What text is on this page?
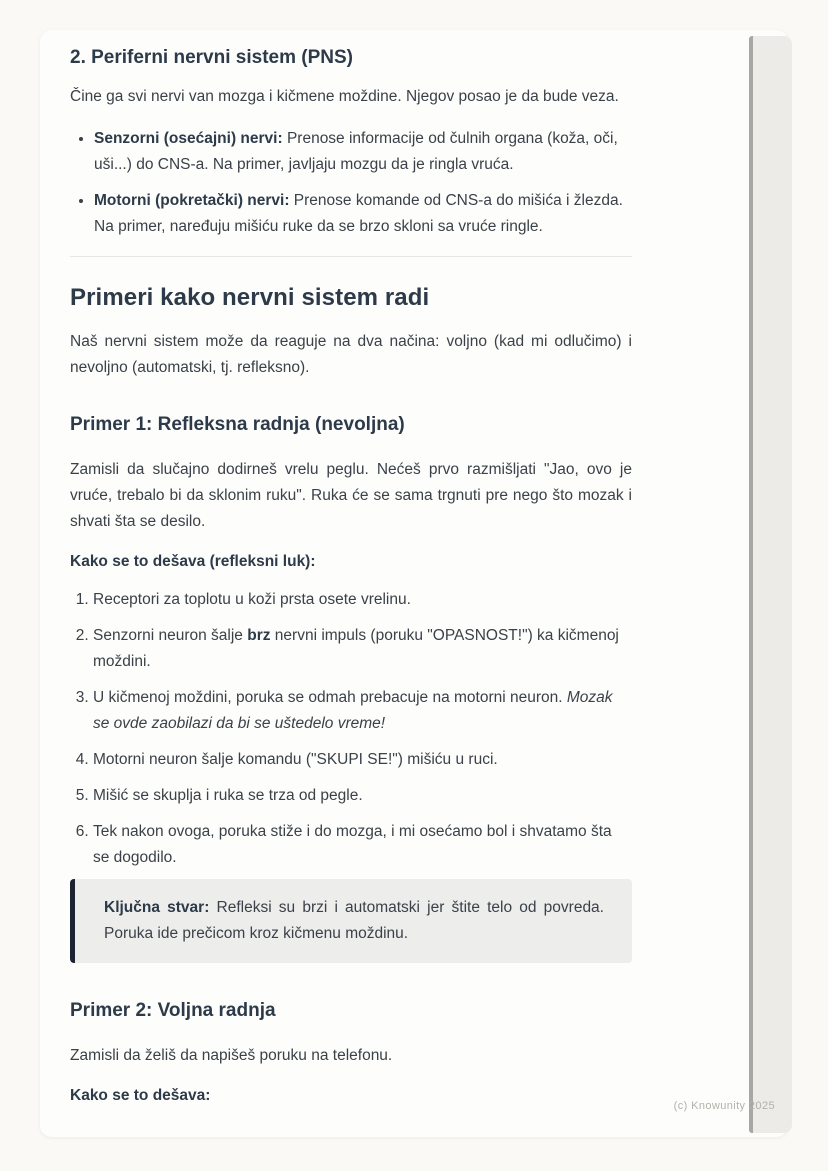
2. Periferni nervni sistem (PNS)

Čine ga svi nervi van mozga i kičmene moždine. Njegov posao je da bude veza.

• Senzorni (osećajni) nervi: Prenose informacije od čulnih organa (koža, oči, uši...) do CNS-a. Na primer, javljaju mozgu da je ringla vruća.
• Motorni (pokretački) nervi: Prenose komande od CNS-a do mišića i žlezda. Na primer, naređuju mišiću ruke da se brzo skloni sa vruće ringle.
Primeri kako nervni sistem radi

Naš nervni sistem može da reaguje na dva načina: voljno (kad mi odlučimo) i nevoljno (automatski, tj. refleksno).

Primer 1: Refleksna radnja (nevoljna)

Zamisli da slučajno dodirneš vrelu peglu. Nećeš prvo razmišljati "Jao, ovo je vruće, trebalo bi da sklonim ruku". Ruka će se sama trgnuti pre nego što mozak i shvati šta se desilo.

Kako se to dešava (refleksni luk):

1. Receptori za toplotu u koži prsta osete vrelinu.
2. Senzorni neuron šalje brz nervni impuls (poruku "OPASNOST!") ka kičmenoj moždini.
3. U kičmenoj moždini, poruka se odmah prebacuje na motorni neuron. Mozak se ovde zaobilazi da bi se uštedelo vreme!
4. Motorni neuron šalje komandu ("SKUPI SE!") mišiću u ruci.
5. Mišić se skuplja i ruka se trza od pegle.
6. Tek nakon ovoga, poruka stiže i do mozga, i mi osećamo bol i shvatamo šta se dogodilo.

Ključna stvar: Refleksi su brzi i automatski jer štite telo od povreda. Poruka ide prečicom kroz kičmenu moždinu.

Primer 2: Voljna radnja

Zamisli da želiš da napišeš poruku na telefonu.

Kako se to dešava:

(c) Knowunity 2025
